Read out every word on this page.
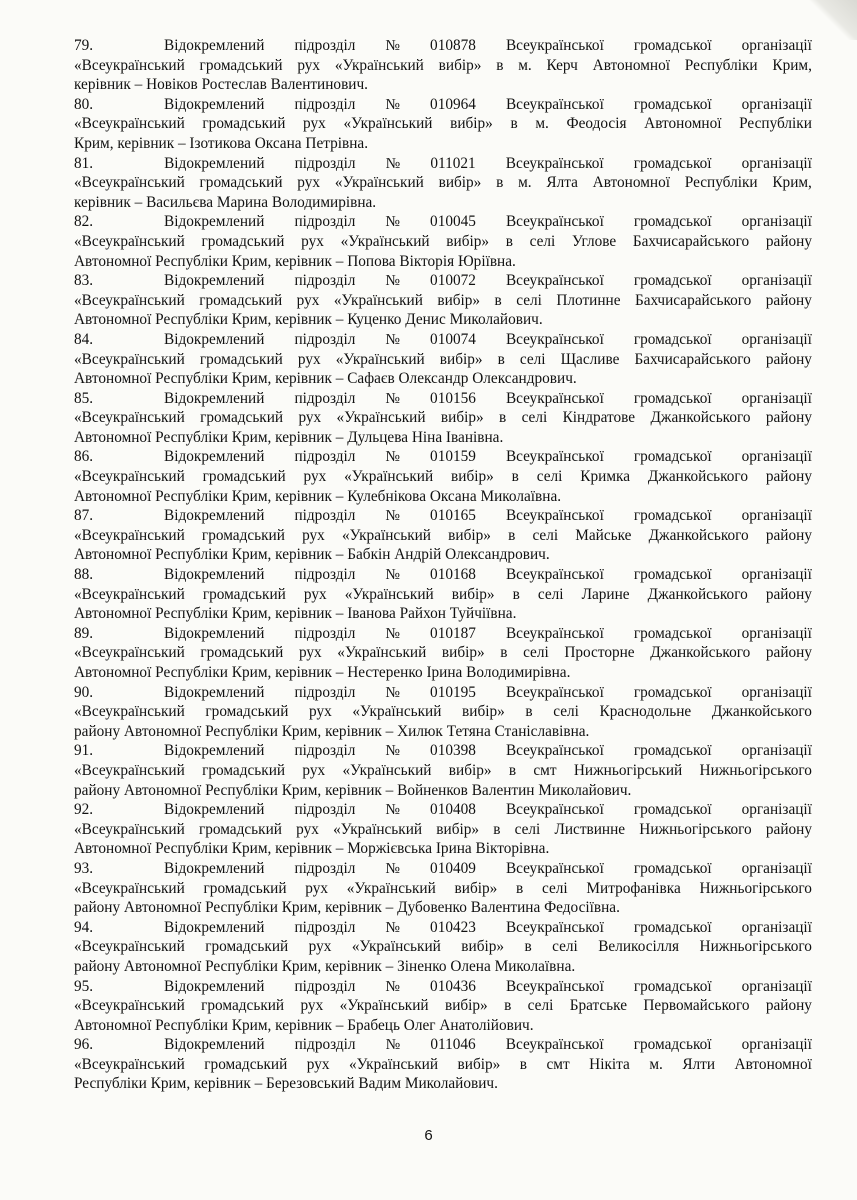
79.	Відокремлений підрозділ № 010878 Всеукраїнської громадської організації
«Всеукраїнський громадський рух «Український вибір» в м. Керч Автономної Республіки Крим,
керівник – Новіков Ростеслав Валентинович.
80.	Відокремлений підрозділ № 010964 Всеукраїнської громадської організації
«Всеукраїнський громадський рух «Український вибір» в м. Феодосія Автономної Республіки
Крим, керівник – Ізотикова Оксана Петрівна.
81.	Відокремлений підрозділ № 011021 Всеукраїнської громадської організації
«Всеукраїнський громадський рух «Український вибір» в м. Ялта Автономної Республіки Крим,
керівник – Васильєва Марина Володимирівна.
82.	Відокремлений підрозділ № 010045 Всеукраїнської громадської організації
«Всеукраїнський громадський рух «Український вибір» в селі Углове Бахчисарайського району
Автономної Республіки Крим, керівник – Попова Вікторія Юріївна.
83.	Відокремлений підрозділ № 010072 Всеукраїнської громадської організації
«Всеукраїнський громадський рух «Український вибір» в селі Плотинне Бахчисарайського району
Автономної Республіки Крим, керівник – Куценко Денис Миколайович.
84.	Відокремлений підрозділ № 010074 Всеукраїнської громадської організації
«Всеукраїнський громадський рух «Український вибір» в селі Щасливе Бахчисарайського району
Автономної Республіки Крим, керівник – Сафаєв Олександр Олександрович.
85.	Відокремлений підрозділ № 010156 Всеукраїнської громадської організації
«Всеукраїнський громадський рух «Український вибір» в селі Кіндратове Джанкойського району
Автономної Республіки Крим, керівник – Дульцева Ніна Іванівна.
86.	Відокремлений підрозділ № 010159 Всеукраїнської громадської організації
«Всеукраїнський громадський рух «Український вибір» в селі Кримка Джанкойського району
Автономної Республіки Крим, керівник – Кулебнікова Оксана Миколаївна.
87.	Відокремлений підрозділ № 010165 Всеукраїнської громадської організації
«Всеукраїнський громадський рух «Український вибір» в селі Майське Джанкойського району
Автономної Республіки Крим, керівник – Бабкін Андрій Олександрович.
88.	Відокремлений підрозділ № 010168 Всеукраїнської громадської організації
«Всеукраїнський громадський рух «Український вибір» в селі Ларине Джанкойського району
Автономної Республіки Крим, керівник – Іванова Райхон Туйчіївна.
89.	Відокремлений підрозділ № 010187 Всеукраїнської громадської організації
«Всеукраїнський громадський рух «Український вибір» в селі Просторне Джанкойського району
Автономної Республіки Крим, керівник – Нестеренко Ірина Володимирівна.
90.	Відокремлений підрозділ № 010195 Всеукраїнської громадської організації
«Всеукраїнський громадський рух «Український вибір» в селі Краснодольне Джанкойського
району Автономної Республіки Крим, керівник – Хилюк Тетяна Станіславівна.
91.	Відокремлений підрозділ № 010398 Всеукраїнської громадської організації
«Всеукраїнський громадський рух «Український вибір» в смт Нижньогірський Нижньогірського
району Автономної Республіки Крим, керівник – Войненков Валентин Миколайович.
92.	Відокремлений підрозділ № 010408 Всеукраїнської громадської організації
«Всеукраїнський громадський рух «Український вибір» в селі Листвинне Нижньогірського району
Автономної Республіки Крим, керівник – Моржієвська Ірина Вікторівна.
93.	Відокремлений підрозділ № 010409 Всеукраїнської громадської організації
«Всеукраїнський громадський рух «Український вибір» в селі Митрофанівка Нижньогірського
району Автономної Республіки Крим, керівник – Дубовенко Валентина Федосіївна.
94.	Відокремлений підрозділ № 010423 Всеукраїнської громадської організації
«Всеукраїнський громадський рух «Український вибір» в селі Великосілля Нижньогірського
району Автономної Республіки Крим, керівник – Зіненко Олена Миколаївна.
95.	Відокремлений підрозділ № 010436 Всеукраїнської громадської організації
«Всеукраїнський громадський рух «Український вибір» в селі Братське Первомайського району
Автономної Республіки Крим, керівник – Брабець Олег Анатолійович.
96.	Відокремлений підрозділ № 011046 Всеукраїнської громадської організації
«Всеукраїнський громадський рух «Український вибір» в смт Нікіта м. Ялти Автономної
Республіки Крим, керівник – Березовський Вадим Миколайович.
6
